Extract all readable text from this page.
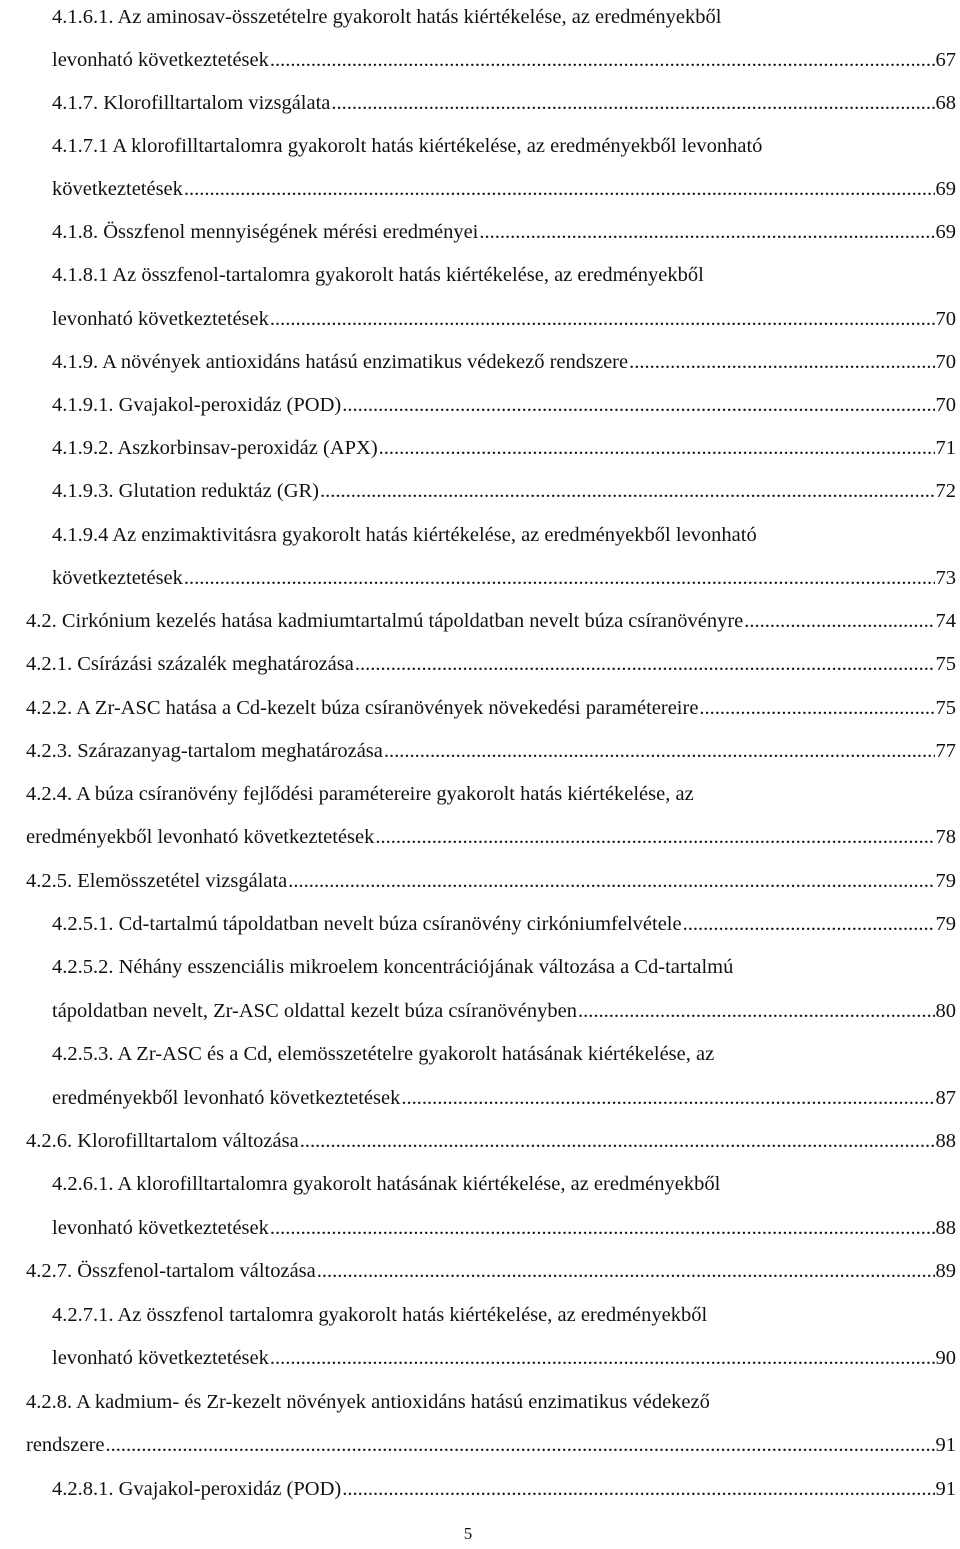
4.1.6.1. Az aminosav-összetételre gyakorolt hatás kiértékelése, az eredményekből
levonható következtetések .....	67
4.1.7. Klorofilltartalom vizsgálata .....	68
4.1.7.1 A klorofilltartalomra gyakorolt hatás kiértékelése, az eredményekből levonható
következtetések .....	69
4.1.8. Összfenol mennyiségének mérési eredményei .....	69
4.1.8.1 Az összfenol-tartalomra gyakorolt hatás kiértékelése, az eredményekből
levonható következtetések .....	70
4.1.9. A növények antioxidáns hatású enzimatikus védekező rendszere .....	70
4.1.9.1. Gvajakol-peroxidáz (POD) .....	70
4.1.9.2. Aszkorbinsav-peroxidáz (APX) .....	71
4.1.9.3. Glutation reduktáz (GR) .....	72
4.1.9.4 Az enzimaktivitásra gyakorolt hatás kiértékelése, az eredményekből levonható
következtetések .....	73
4.2. Cirkónium kezelés hatása kadmiumtartalmú tápoldatban nevelt búza csíranövényre .....	74
4.2.1. Csírázási százalék meghatározása .....	75
4.2.2. A Zr-ASC hatása a Cd-kezelt búza csíranövények növekedési paramétereire .....	75
4.2.3. Szárazanyag-tartalom meghatározása .....	77
4.2.4. A búza csíranövény fejlődési paramétereire gyakorolt hatás kiértékelése, az
eredményekből levonható következtetések .....	78
4.2.5. Elemösszetétel vizsgálata .....	79
4.2.5.1. Cd-tartalmú tápoldatban nevelt búza csíranövény cirkóniumfelvétele .....	79
4.2.5.2. Néhány esszenciális mikroelem koncentrációjának változása a Cd-tartalmú
tápoldatban nevelt, Zr-ASC oldattal kezelt búza csíranövényben .....	80
4.2.5.3. A Zr-ASC és a Cd, elemösszetételre gyakorolt hatásának kiértékelése, az
eredményekből levonható következtetések .....	87
4.2.6. Klorofilltartalom változása .....	88
4.2.6.1. A klorofilltartalomra gyakorolt hatásának kiértékelése, az eredményekből
levonható következtetések .....	88
4.2.7. Összfenol-tartalom változása .....	89
4.2.7.1. Az összfenol tartalomra gyakorolt hatás kiértékelése, az eredményekből
levonható következtetések .....	90
4.2.8. A kadmium- és Zr-kezelt növények antioxidáns hatású enzimatikus védekező
rendszere .....	91
4.2.8.1. Gvajakol-peroxidáz (POD) .....	91
5
